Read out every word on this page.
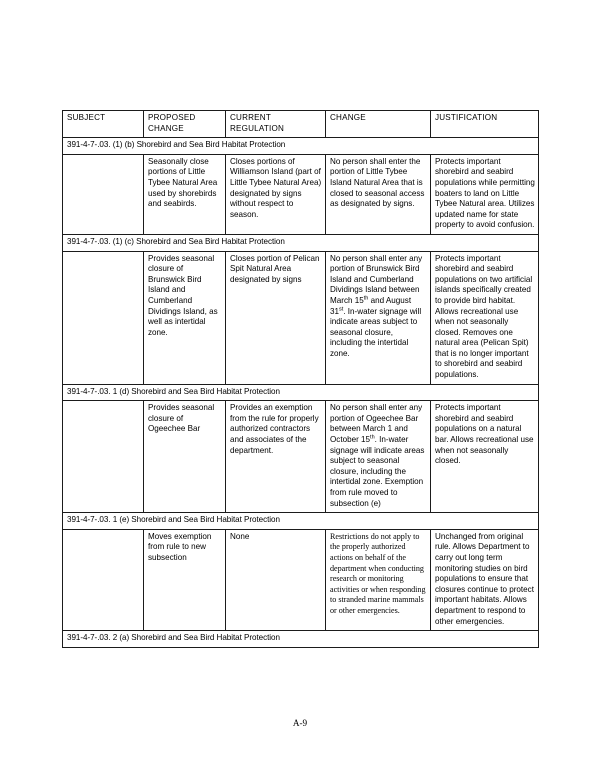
SUBJECT	PROPOSED CHANGE	CURRENT REGULATION	CHANGE	JUSTIFICATION
391-4-7-.03. (1) (b) Shorebird and Sea Bird Habitat Protection				
	Seasonally close portions of Little Tybee Natural Area used by shorebirds and seabirds.	Closes portions of Williamson Island (part of Little Tybee Natural Area) designated by signs without respect to season.	No person shall enter the portion of Little Tybee Island Natural Area that is closed to seasonal access as designated by signs.	Protects important shorebird and seabird populations while permitting boaters to land on Little Tybee Natural area. Utilizes updated name for state property to avoid confusion.
391-4-7-.03. (1) (c) Shorebird and Sea Bird Habitat Protection				
	Provides seasonal closure of Brunswick Bird Island and Cumberland Dividings Island, as well as intertidal zone.	Closes portion of Pelican Spit Natural Area designated by signs	No person shall enter any portion of Brunswick Bird Island and Cumberland Dividings Island between March 15th and August 31st. In-water signage will indicate areas subject to seasonal closure, including the intertidal zone.	Protects important shorebird and seabird populations on two artificial islands specifically created to provide bird habitat. Allows recreational use when not seasonally closed. Removes one natural area (Pelican Spit) that is no longer important to shorebird and seabird populations.
391-4-7-.03. 1 (d) Shorebird and Sea Bird Habitat Protection				
	Provides seasonal closure of Ogeechee Bar	Provides an exemption from the rule for properly authorized contractors and associates of the department.	No person shall enter any portion of Ogeechee Bar between March 1 and October 15th. In-water signage will indicate areas subject to seasonal closure, including the intertidal zone. Exemption from rule moved to subsection (e)	Protects important shorebird and seabird populations on a natural bar. Allows recreational use when not seasonally closed.
391-4-7-.03. 1 (e) Shorebird and Sea Bird Habitat Protection				
	Moves exemption from rule to new subsection	None	Restrictions do not apply to the properly authorized actions on behalf of the department when conducting research or monitoring activities or when responding to stranded marine mammals or other emergencies.	Unchanged from original rule. Allows Department to carry out long term monitoring studies on bird populations to ensure that closures continue to protect important habitats. Allows department to respond to other emergencies.
391-4-7-.03. 2 (a) Shorebird and Sea Bird Habitat Protection				
A-9
